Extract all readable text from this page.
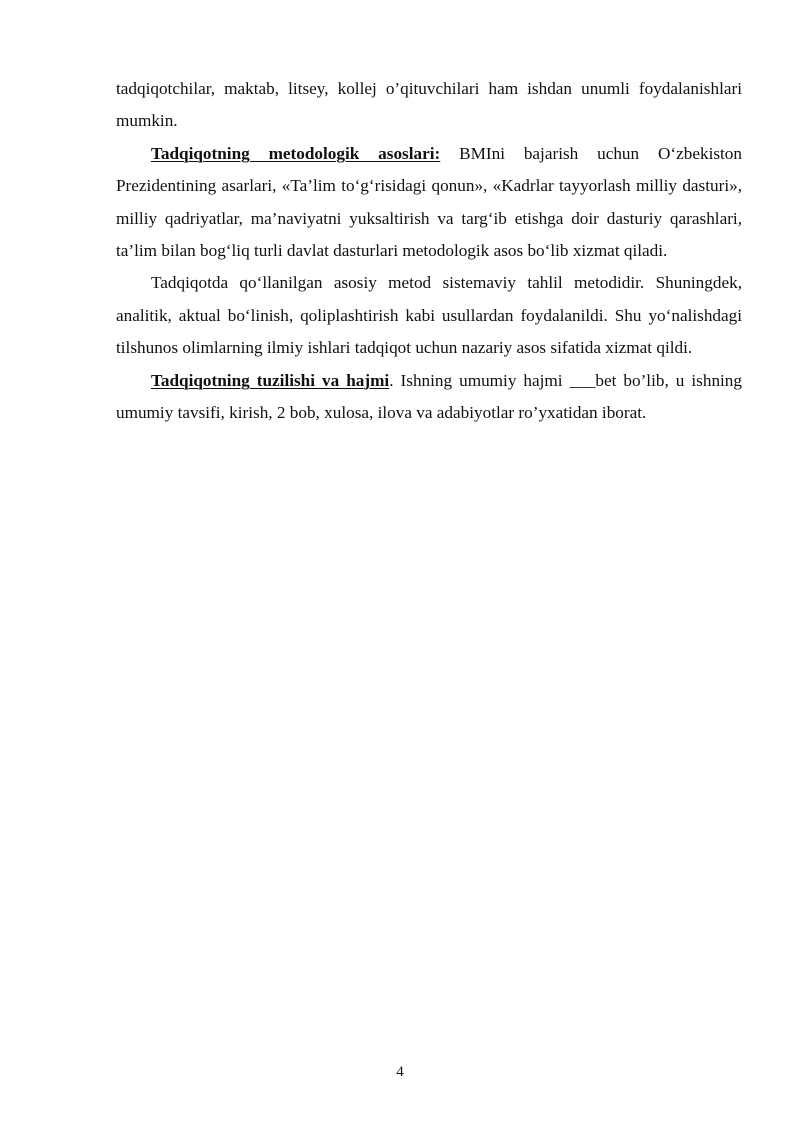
tadqiqotchilar, maktab, litsey, kollej o’qituvchilari ham ishdan unumli foydalanishlari mumkin.

Tadqiqotning metodologik asoslari: BMIni bajarish uchun O‘zbekiston Prezidentining asarlari, «Ta’lim to‘g‘risidagi qonun», «Kadrlar tayyorlash milliy dasturi», milliy qadriyatlar, ma’naviyatni yuksaltirish va targ‘ib etishga doir dasturiy qarashlari, ta’lim bilan bog‘liq turli davlat dasturlari metodologik asos bo‘lib xizmat qiladi.

Tadqiqotda qo‘llanilgan asosiy metod sistemaviy tahlil metodidir. Shuningdek, analitik, aktual bo‘linish, qoliplashtirish kabi usullardan foydalanildi. Shu yo‘nalishdagi tilshunos olimlarning ilmiy ishlari tadqiqot uchun nazariy asos sifatida xizmat qildi.

Tadqiqotning tuzilishi va hajmi. Ishning umumiy hajmi ___bet bo’lib, u ishning umumiy tavsifi, kirish, 2 bob, xulosa, ilova va adabiyotlar ro’yxatidan iborat.

4
